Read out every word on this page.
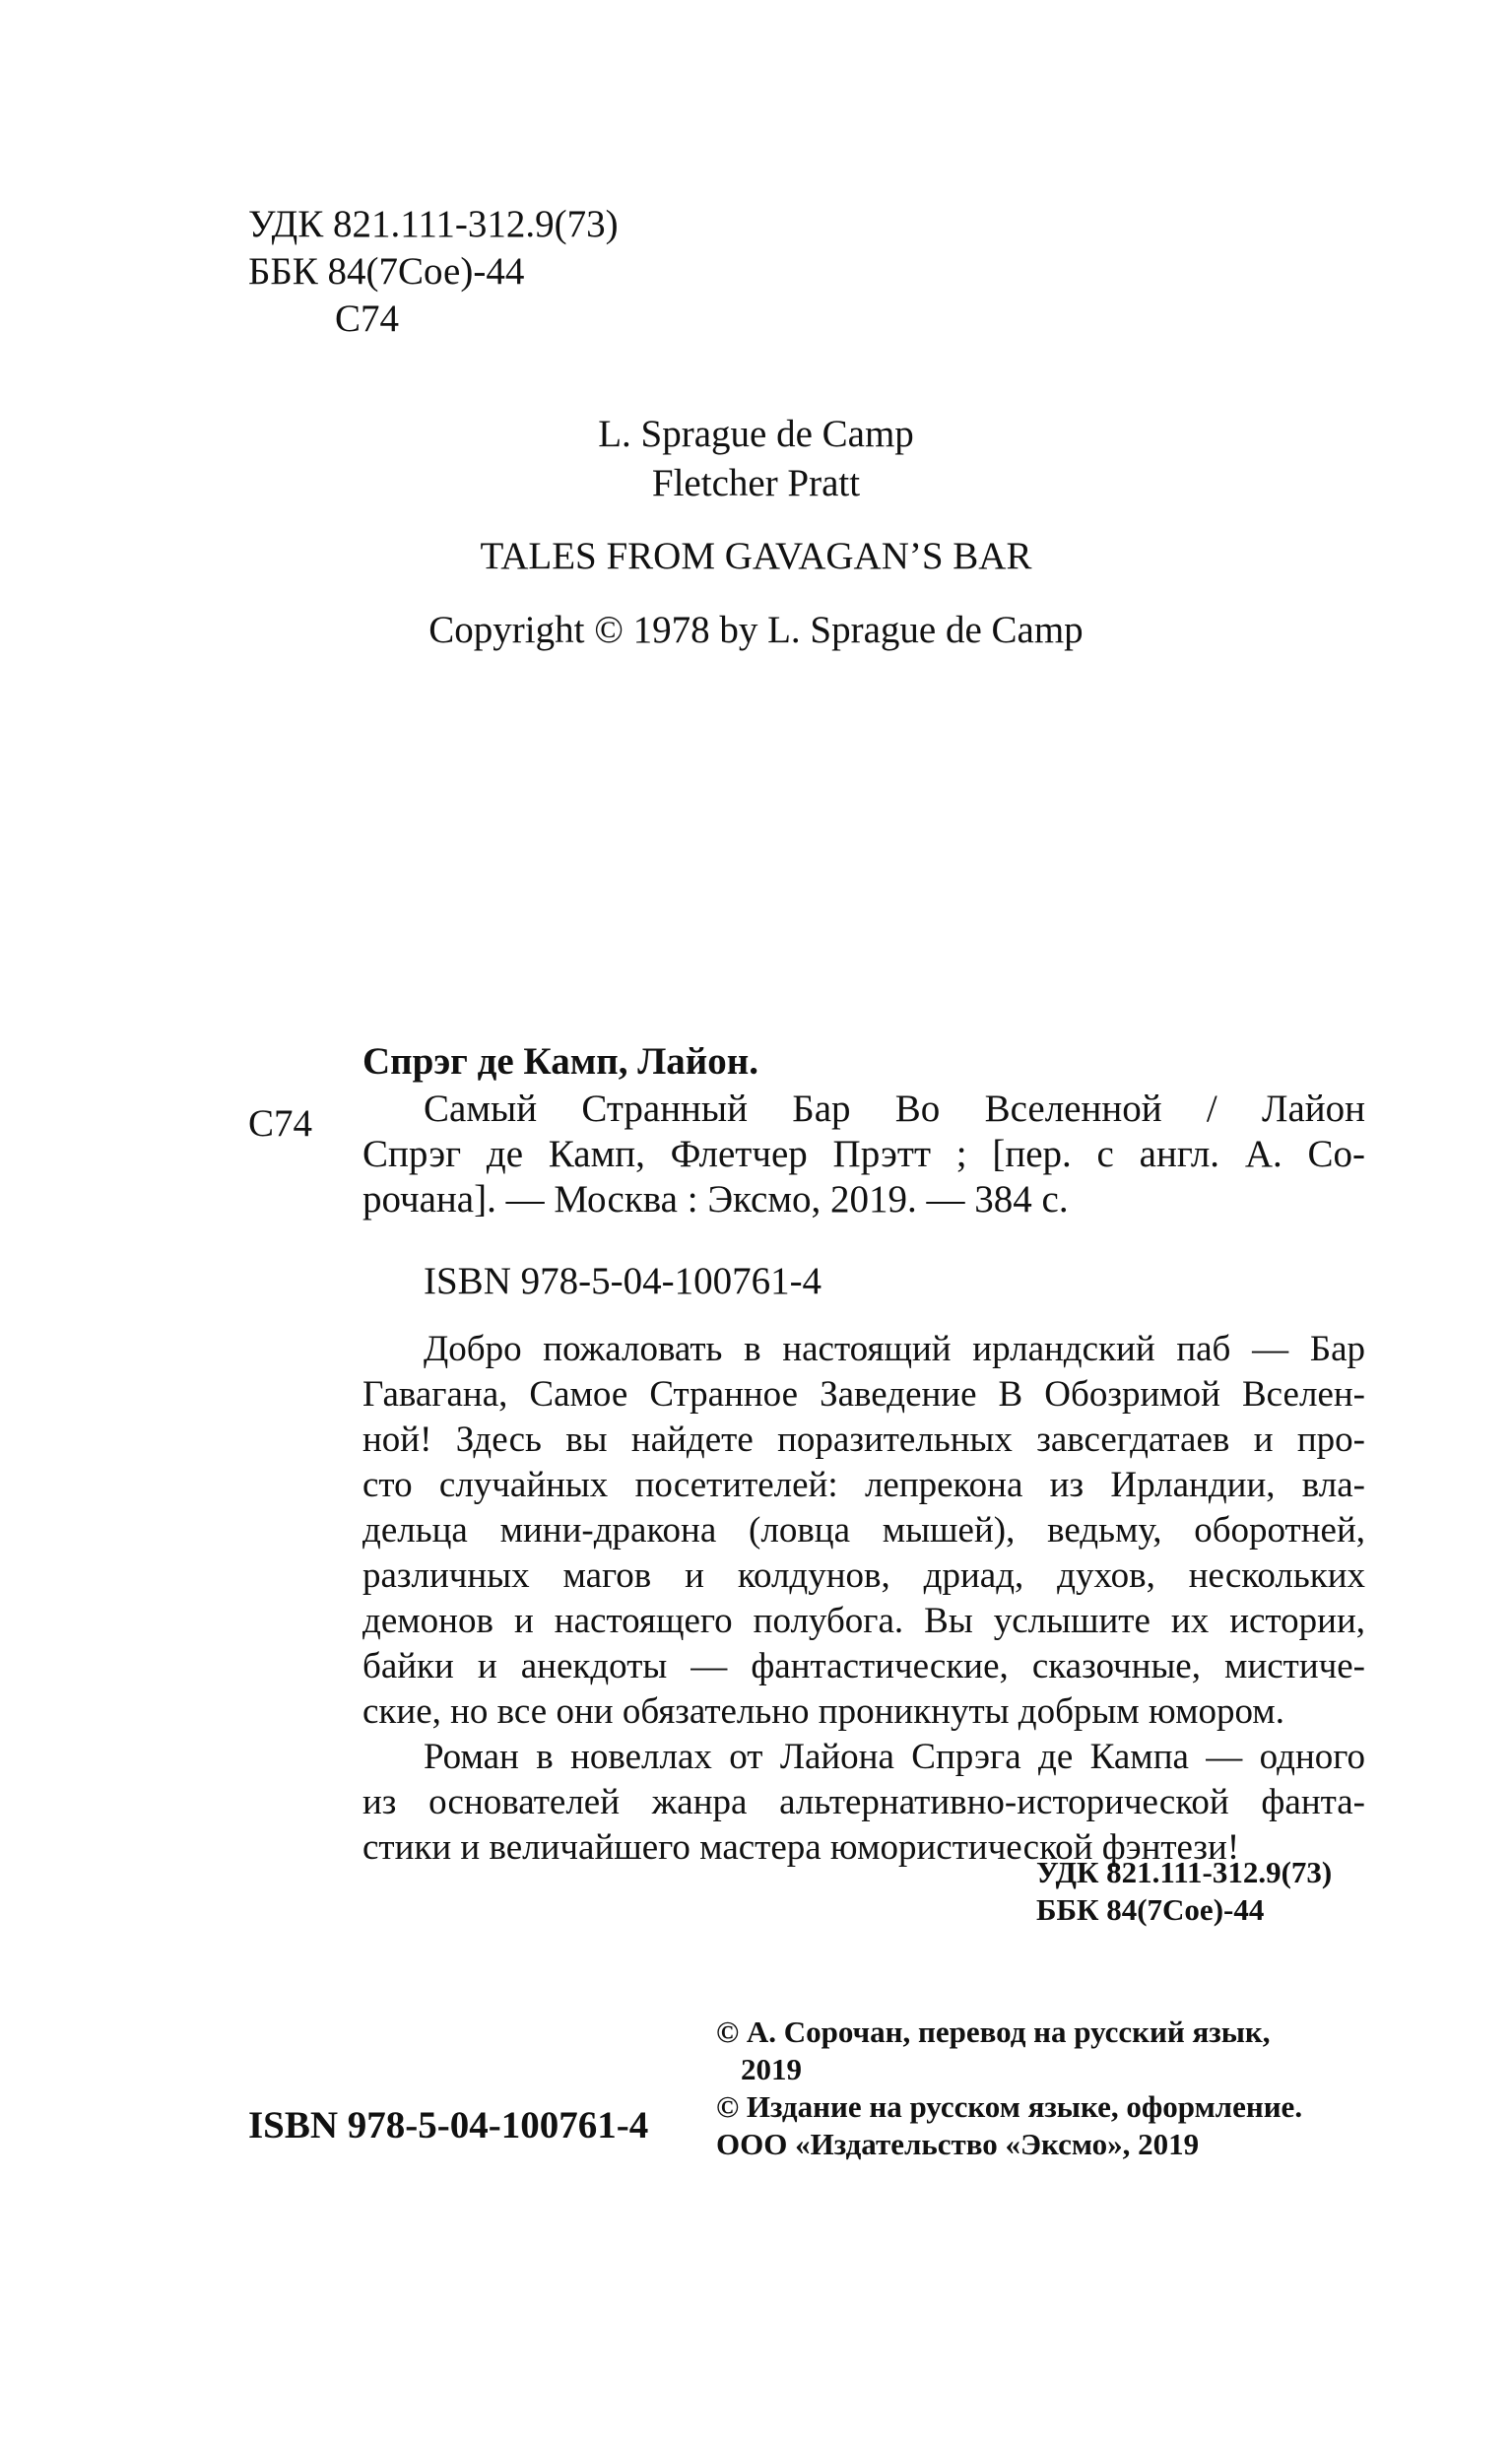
УДК 821.111-312.9(73)
ББК 84(7Сое)-44
С74
L. Sprague de Camp
Fletcher Pratt
TALES FROM GAVAGAN’S BAR
Copyright © 1978 by L. Sprague de Camp
С74
Спрэг де Камп, Лайон.
Самый Странный Бар Во Вселенной / Лайон
Спрэг де Камп, Флетчер Прэтт ; [пер. с англ. А. Со-
рочана]. — Москва : Эксмо, 2019. — 384 с.
ISBN 978-5-04-100761-4
Добро пожаловать в настоящий ирландский паб — Бар
Гавагана, Самое Странное Заведение В Обозримой Вселен-
ной! Здесь вы найдете поразительных завсегдатаев и про-
сто случайных посетителей: лепрекона из Ирландии, вла-
дельца мини-дракона (ловца мышей), ведьму, оборотней,
различных магов и колдунов, дриад, духов, нескольких
демонов и настоящего полубога. Вы услышите их истории,
байки и анекдоты — фантастические, сказочные, мистиче-
ские, но все они обязательно проникнуты добрым юмором.
Роман в новеллах от Лайона Спрэга де Кампа — одного
из основателей жанра альтернативно-исторической фанта-
стики и величайшего мастера юмористической фэнтези!
УДК 821.111-312.9(73)
ББК 84(7Сое)-44
© А. Сорочан, перевод на русский язык,
2019
© Издание на русском языке, оформление.
ООО «Издательство «Эксмо», 2019
ISBN 978-5-04-100761-4
